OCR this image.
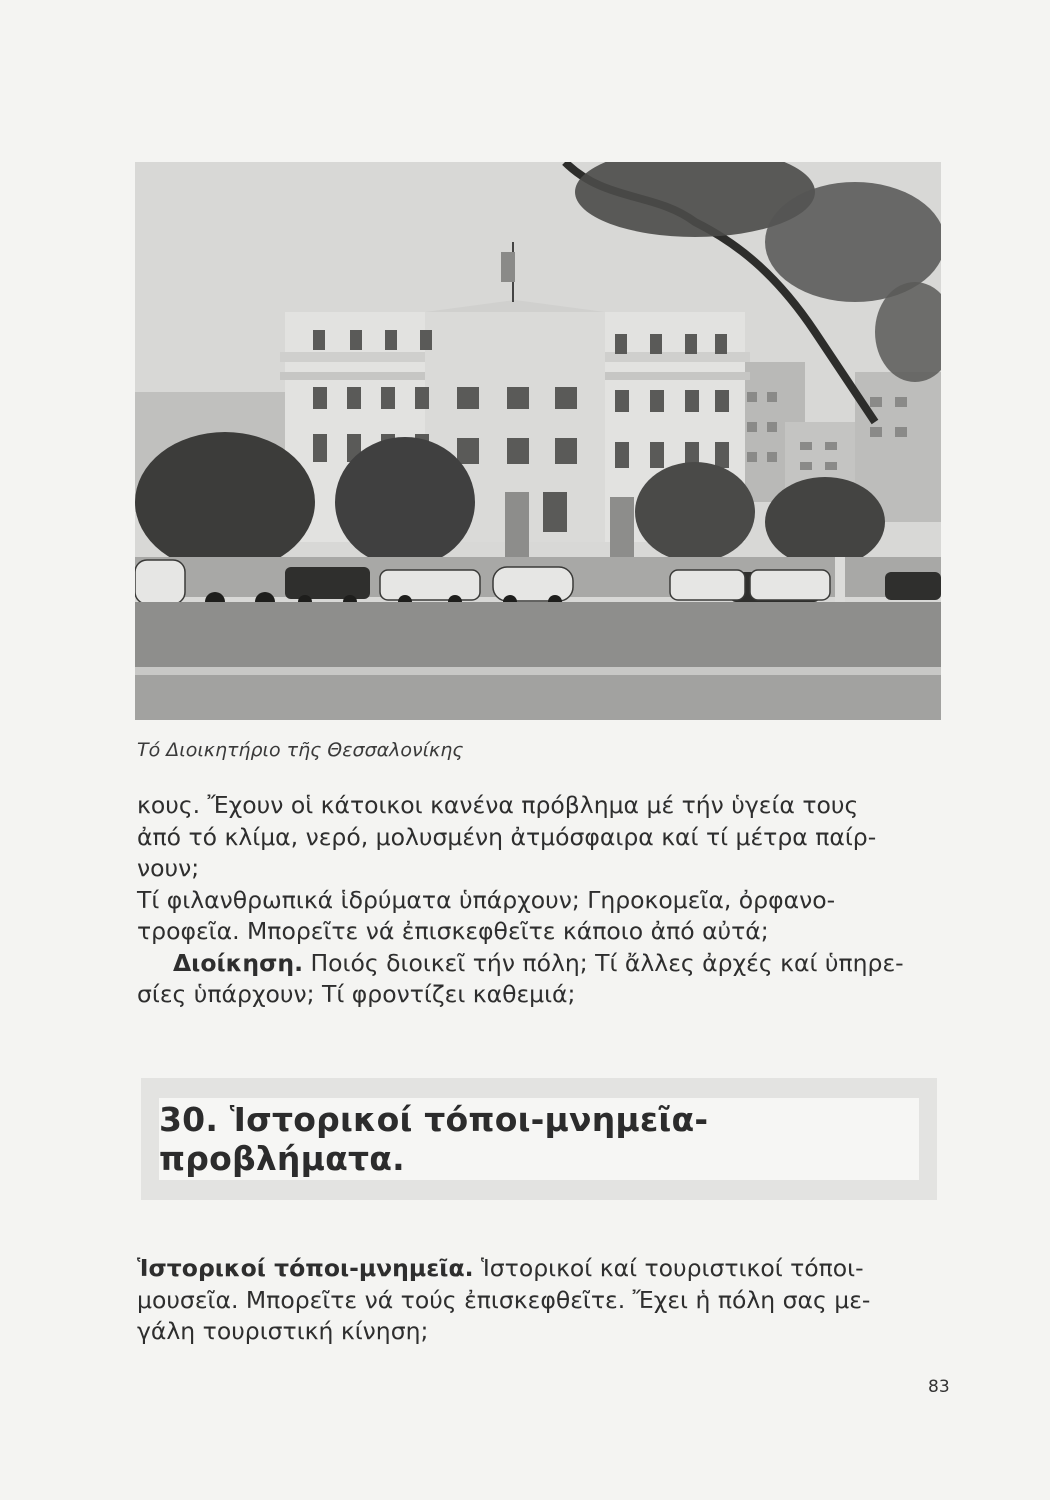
Τό Διοικητήριο τῆς Θεσσαλονίκης

κους. Ἔχουν οἱ κάτοικοι κανένα πρόβλημα μέ τήν ὑγεία τους

ἀπό τό κλίμα, νερό, μολυσμένη ἀτμόσφαιρα καί τί μέτρα παίρ-

νουν;

Τί φιλανθρωπικά ἱδρύματα ὑπάρχουν; Γηροκομεῖα, ὀρφανο-

τροφεῖα. Μπορεῖτε νά ἐπισκεφθεῖτε κάποιο ἀπό αὐτά;

Διοίκηση. Ποιός διοικεῖ τήν πόλη; Τί ἄλλες ἀρχές καί ὑπηρε-

σίες ὑπάρχουν; Τί φροντίζει καθεμιά;

30. Ἱστορικοί τόποι-μνημεῖα- προβλήματα.

Ἱστορικοί τόποι-μνημεῖα. Ἱστορικοί καί τουριστικοί τόποι-

μουσεῖα. Μπορεῖτε νά τούς ἐπισκεφθεῖτε. Ἔχει ἡ πόλη σας με-

γάλη τουριστική κίνηση;

83
